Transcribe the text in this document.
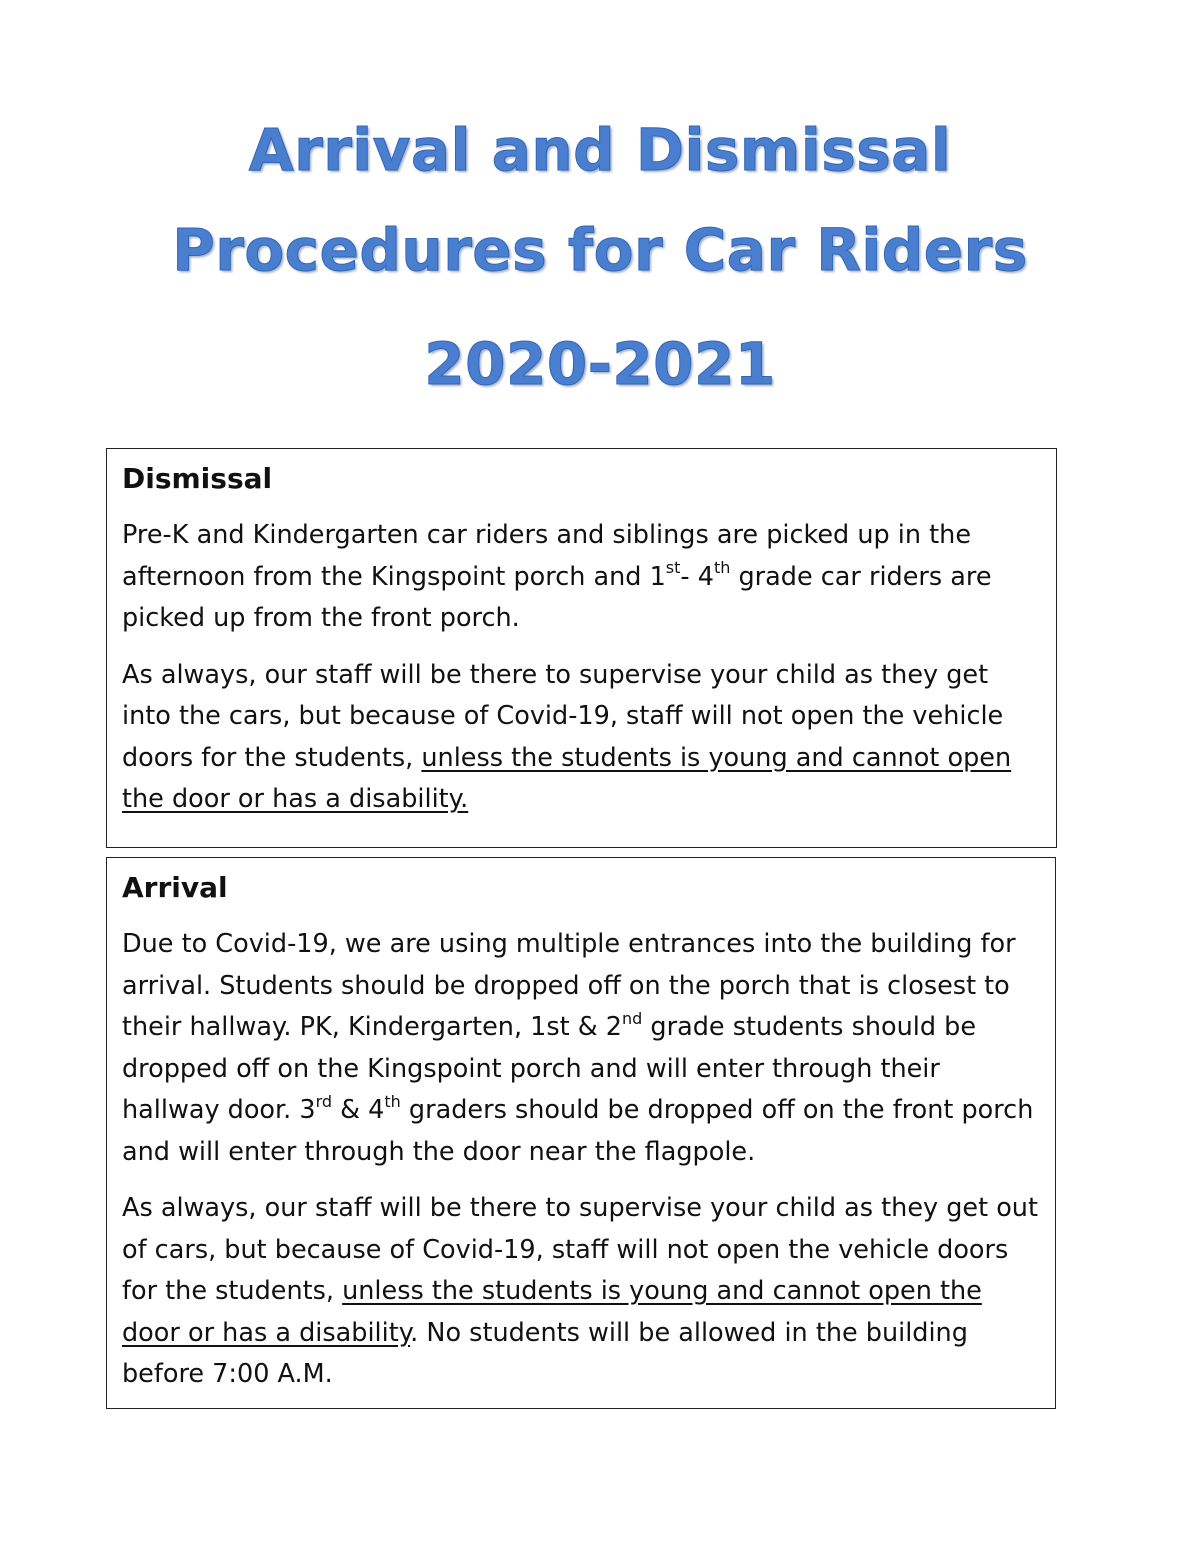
Arrival and Dismissal
Procedures for Car Riders
2020-2021
Dismissal

Pre-K and Kindergarten car riders and siblings are picked up in the afternoon from the Kingspoint porch and 1st- 4th grade car riders are picked up from the front porch.

As always, our staff will be there to supervise your child as they get into the cars, but because of Covid-19, staff will not open the vehicle doors for the students, unless the students is young and cannot open the door or has a disability.

Arrival

Due to Covid-19, we are using multiple entrances into the building for arrival. Students should be dropped off on the porch that is closest to their hallway. PK, Kindergarten, 1st & 2nd grade students should be dropped off on the Kingspoint porch and will enter through their hallway door. 3rd & 4th graders should be dropped off on the front porch and will enter through the door near the flagpole.

As always, our staff will be there to supervise your child as they get out of cars, but because of Covid-19, staff will not open the vehicle doors for the students, unless the students is young and cannot open the door or has a disability. No students will be allowed in the building before 7:00 A.M.
